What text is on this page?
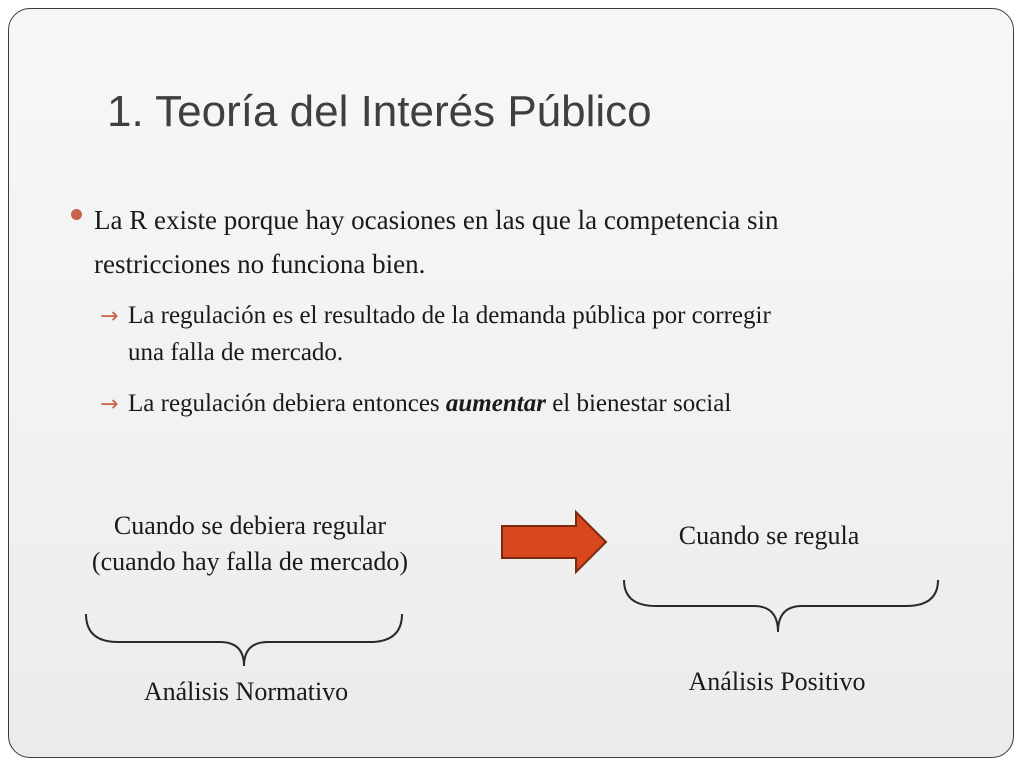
1. Teoría del Interés Público
La R existe porque hay ocasiones en las que la competencia sin
restricciones no funciona bien.
→ La regulación es el resultado de la demanda pública por corregir
una falla de mercado.
→ La regulación debiera entonces aumentar el bienestar social
Cuando se debiera regular
(cuando hay falla de mercado)
Cuando se regula
Análisis Normativo	Análisis Positivo
